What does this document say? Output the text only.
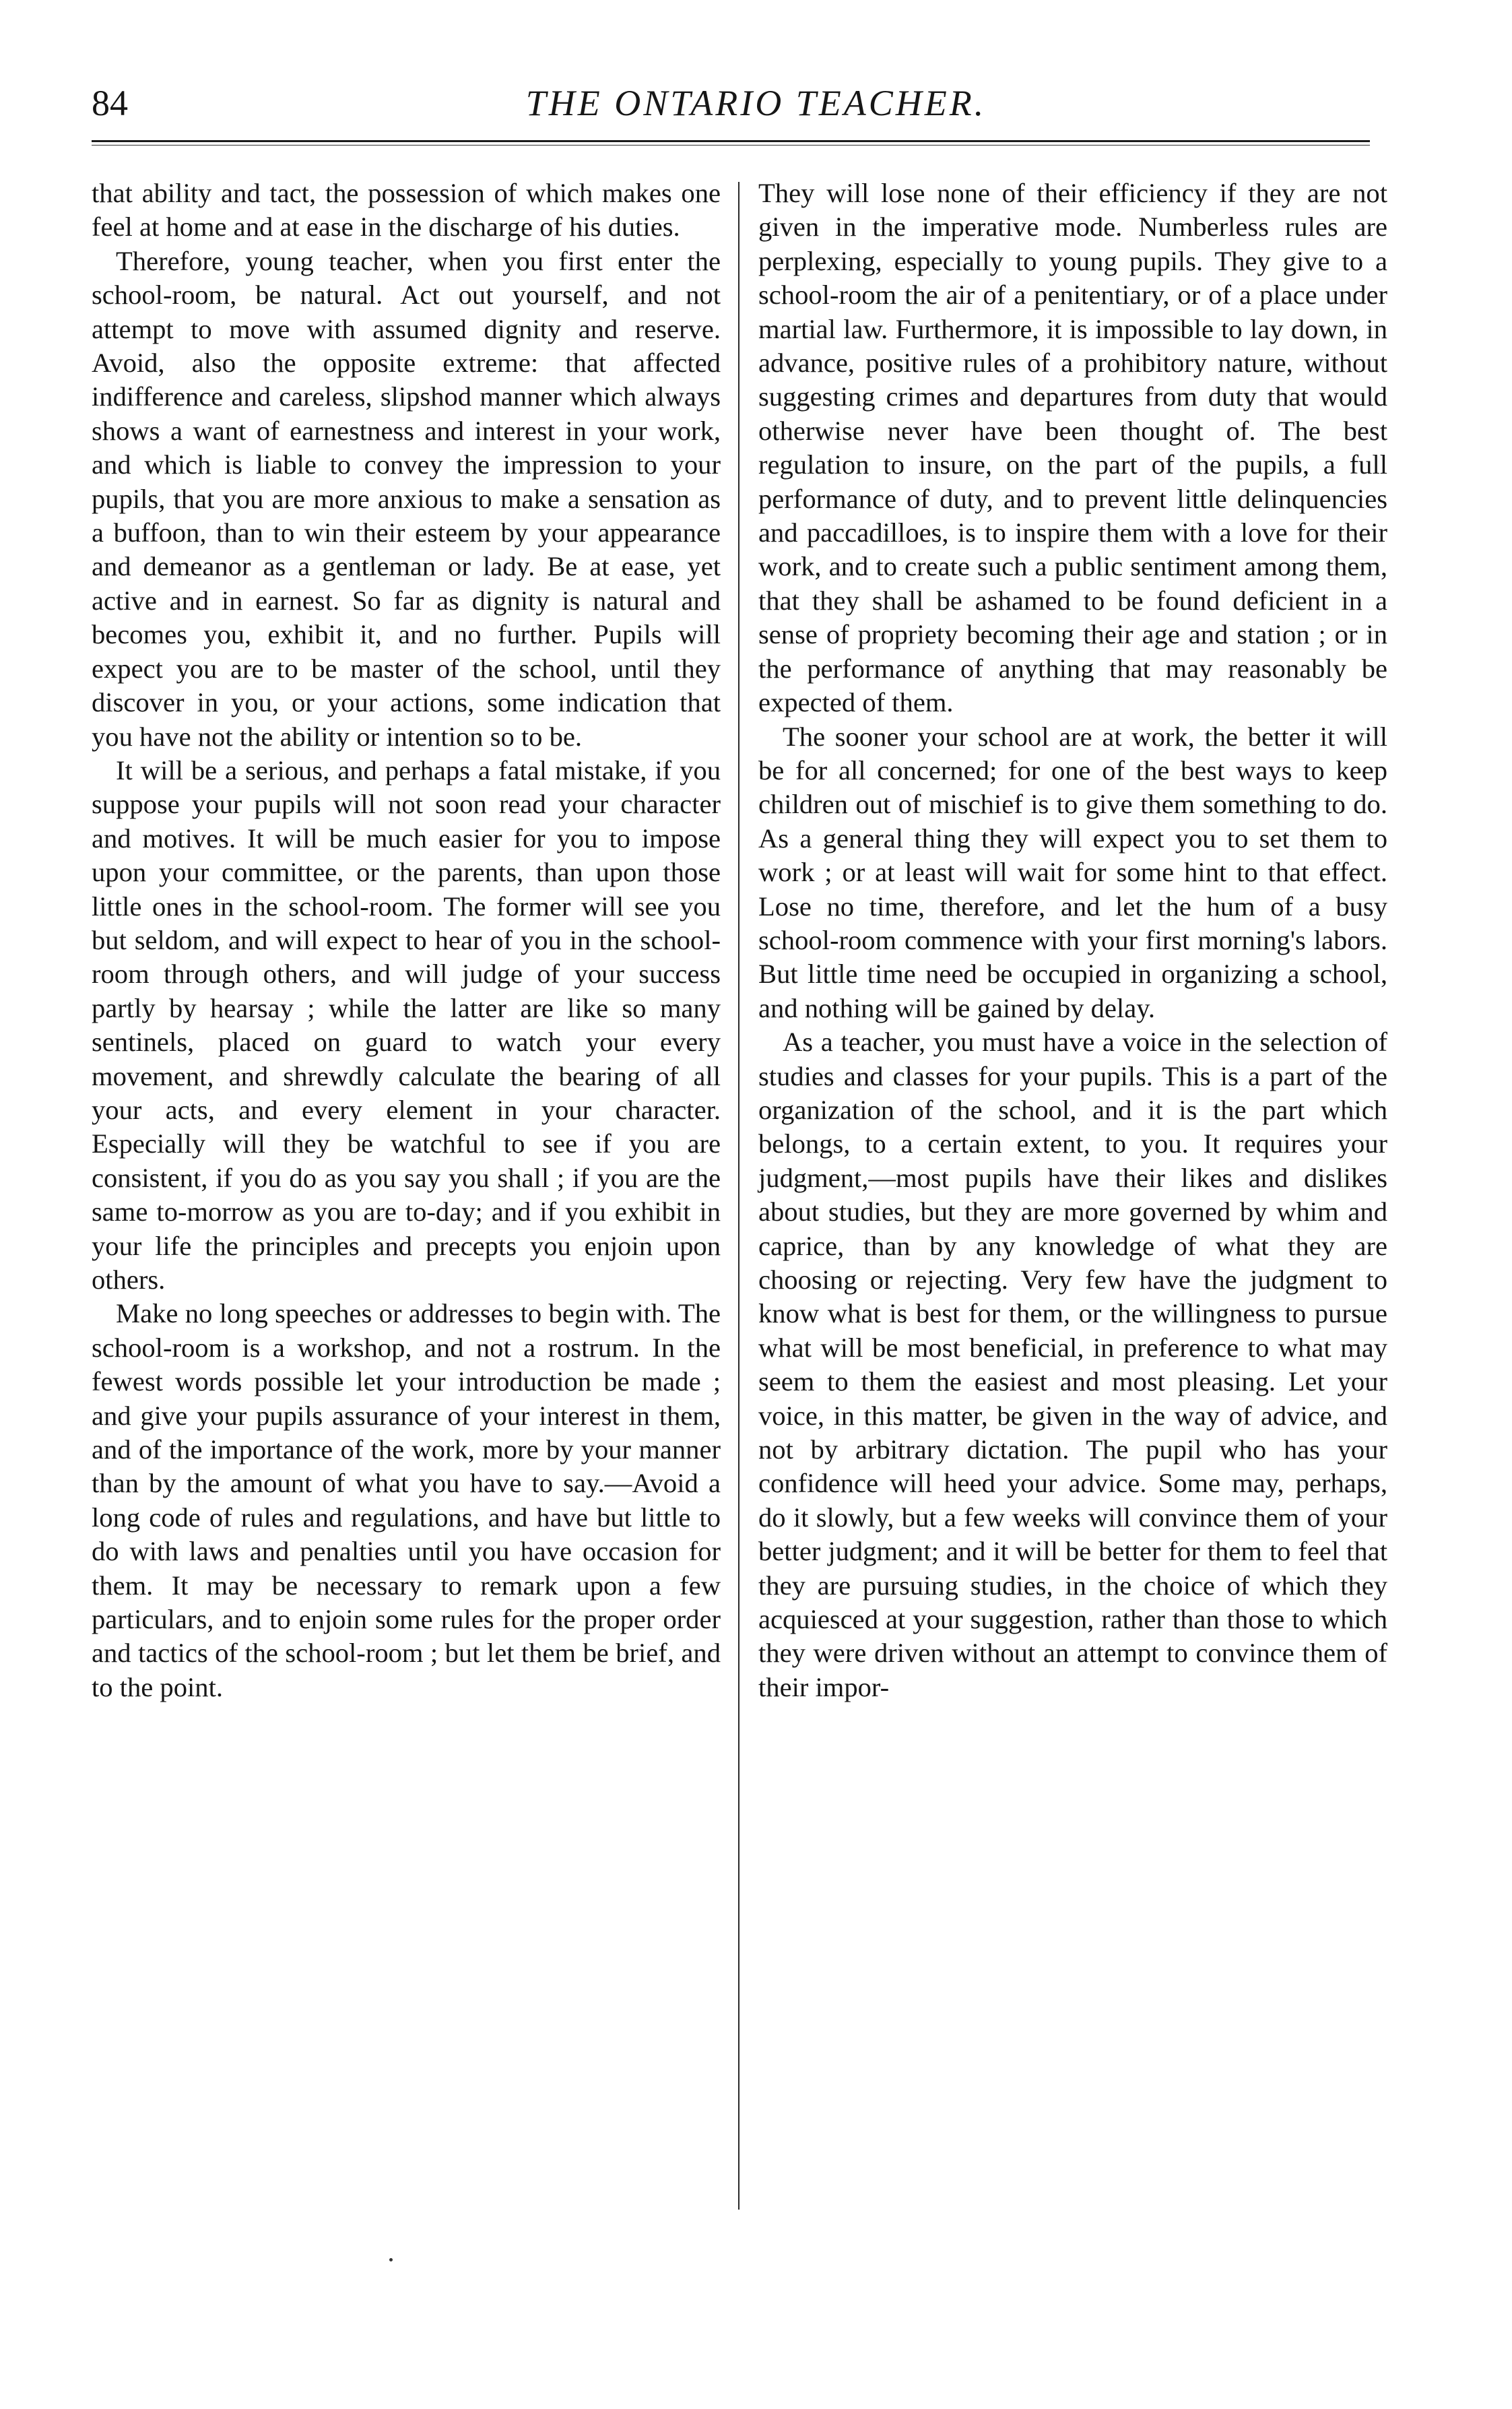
84	THE ONTARIO TEACHER.

that ability and tact, the possession of which makes one feel at home and at ease in the discharge of his duties.

Therefore, young teacher, when you first enter the school-room, be natural. Act out yourself, and not attempt to move with assumed dignity and reserve. Avoid, also the opposite extreme: that affected indifference and careless, slipshod manner which always shows a want of earnestness and interest in your work, and which is liable to convey the impression to your pupils, that you are more anxious to make a sensation as a buffoon, than to win their esteem by your appearance and demeanor as a gentleman or lady. Be at ease, yet active and in earnest. So far as dignity is natural and becomes you, exhibit it, and no further. Pupils will expect you are to be master of the school, until they discover in you, or your actions, some indication that you have not the ability or intention so to be.

It will be a serious, and perhaps a fatal mistake, if you suppose your pupils will not soon read your character and motives. It will be much easier for you to impose upon your committee, or the parents, than upon those little ones in the school-room. The former will see you but seldom, and will expect to hear of you in the school-room through others, and will judge of your success partly by hearsay ; while the latter are like so many sentinels, placed on guard to watch your every movement, and shrewdly calculate the bearing of all your acts, and every element in your character. Especially will they be watchful to see if you are consistent, if you do as you say you shall ; if you are the same to-morrow as you are to-day; and if you exhibit in your life the principles and precepts you enjoin upon others.

Make no long speeches or addresses to begin with. The school-room is a workshop, and not a rostrum. In the fewest words possible let your introduction be made ; and give your pupils assurance of your interest in them, and of the importance of the work, more by your manner than by the amount of what you have to say.—Avoid a long code of rules and regulations, and have but little to do with laws and penalties until you have occasion for them. It may be necessary to remark upon a few particulars, and to enjoin some rules for the proper order and tactics of the school-room ; but let them be brief, and to the point.

They will lose none of their efficiency if they are not given in the imperative mode. Numberless rules are perplexing, especially to young pupils. They give to a school-room the air of a penitentiary, or of a place under martial law. Furthermore, it is impossible to lay down, in advance, positive rules of a prohibitory nature, without suggesting crimes and departures from duty that would otherwise never have been thought of. The best regulation to insure, on the part of the pupils, a full performance of duty, and to prevent little delinquencies and paccadilloes, is to inspire them with a love for their work, and to create such a public sentiment among them, that they shall be ashamed to be found deficient in a sense of propriety becoming their age and station ; or in the performance of anything that may reasonably be expected of them.

The sooner your school are at work, the better it will be for all concerned; for one of the best ways to keep children out of mischief is to give them something to do. As a general thing they will expect you to set them to work ; or at least will wait for some hint to that effect. Lose no time, therefore, and let the hum of a busy school-room commence with your first morning's labors. But little time need be occupied in organizing a school, and nothing will be gained by delay.

As a teacher, you must have a voice in the selection of studies and classes for your pupils. This is a part of the organization of the school, and it is the part which belongs, to a certain extent, to you. It requires your judgment,—most pupils have their likes and dislikes about studies, but they are more governed by whim and caprice, than by any knowledge of what they are choosing or rejecting. Very few have the judgment to know what is best for them, or the willingness to pursue what will be most beneficial, in preference to what may seem to them the easiest and most pleasing. Let your voice, in this matter, be given in the way of advice, and not by arbitrary dictation. The pupil who has your confidence will heed your advice. Some may, perhaps, do it slowly, but a few weeks will convince them of your better judgment; and it will be better for them to feel that they are pursuing studies, in the choice of which they acquiesced at your suggestion, rather than those to which they were driven without an attempt to convince them of their impor-
